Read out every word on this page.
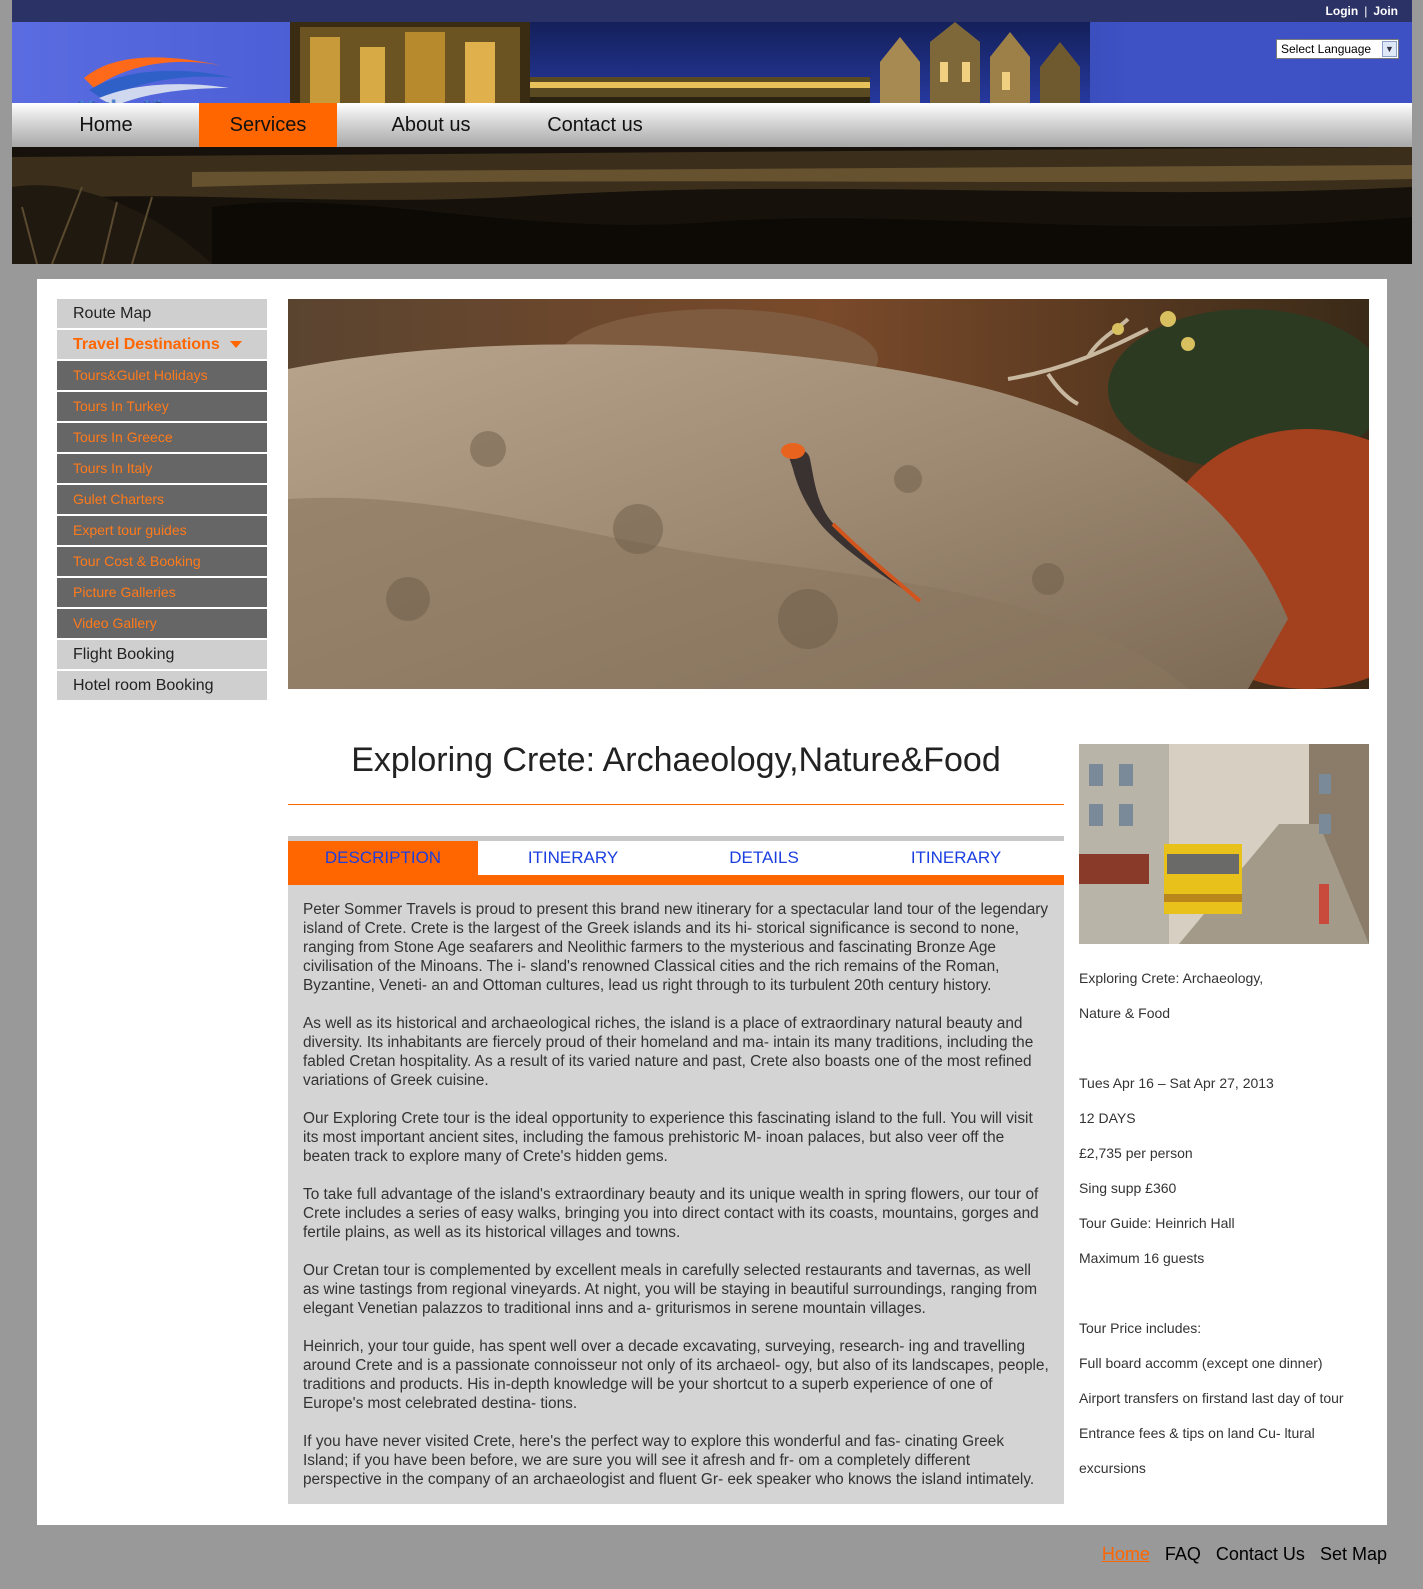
Login | Join
Select Language	▼
Home	Services	About us	Contact us
Route Map
Travel Destinations
Tours&Gulet Holidays
Tours In Turkey
Tours In Greece
Tours In Italy
Gulet Charters
Expert tour guides
Tour Cost & Booking
Picture Galleries
Video Gallery
Flight Booking
Hotel room Booking
Exploring Crete: Archaeology,Nature&Food
DESCRIPTION	ITINERARY	DETAILS	ITINERARY

Peter Sommer Travels is proud to present this brand new itinerary for a spectacular land tour of the legendary island of Crete. Crete is the largest of the Greek islands and its hi- storical significance is second to none, ranging from Stone Age seafarers and Neolithic farmers to the mysterious and fascinating Bronze Age civilisation of the Minoans. The i- sland's renowned Classical cities and the rich remains of the Roman, Byzantine, Veneti- an and Ottoman cultures, lead us right through to its turbulent 20th century history.

As well as its historical and archaeological riches, the island is a place of extraordinary natural beauty and diversity. Its inhabitants are fiercely proud of their homeland and ma- intain its many traditions, including the fabled Cretan hospitality. As a result of its varied nature and past, Crete also boasts one of the most refined variations of Greek cuisine.

Our Exploring Crete tour is the ideal opportunity to experience this fascinating island to the full. You will visit its most important ancient sites, including the famous prehistoric M- inoan palaces, but also veer off the beaten track to explore many of Crete's hidden gems.

To take full advantage of the island's extraordinary beauty and its unique wealth in spring flowers, our tour of Crete includes a series of easy walks, bringing you into direct contact with its coasts, mountains, gorges and fertile plains, as well as its historical villages and towns.

Our Cretan tour is complemented by excellent meals in carefully selected restaurants and tavernas, as well as wine tastings from regional vineyards. At night, you will be staying in beautiful surroundings, ranging from elegant Venetian palazzos to traditional inns and a- griturismos in serene mountain villages.

Heinrich, your tour guide, has spent well over a decade excavating, surveying, research- ing and travelling around Crete and is a passionate connoisseur not only of its archaeol- ogy, but also of its landscapes, people, traditions and products. His in-depth knowledge will be your shortcut to a superb experience of one of Europe's most celebrated destina- tions.

If you have never visited Crete, here's the perfect way to explore this wonderful and fas- cinating Greek Island; if you have been before, we are sure you will see it afresh and fr- om a completely different perspective in the company of an archaeologist and fluent Gr- eek speaker who knows the island intimately.

Exploring Crete: Archaeology,
Nature & Food
Tues Apr 16 – Sat Apr 27, 2013
12 DAYS
£2,735 per person
Sing supp £360
Tour Guide: Heinrich Hall
Maximum 16 guests
Tour Price includes:
Full board accomm (except one dinner)
Airport transfers on firstand last day of tour
Entrance fees & tips on land Cu- ltural
excursions
Home FAQ Contact Us Set Map
